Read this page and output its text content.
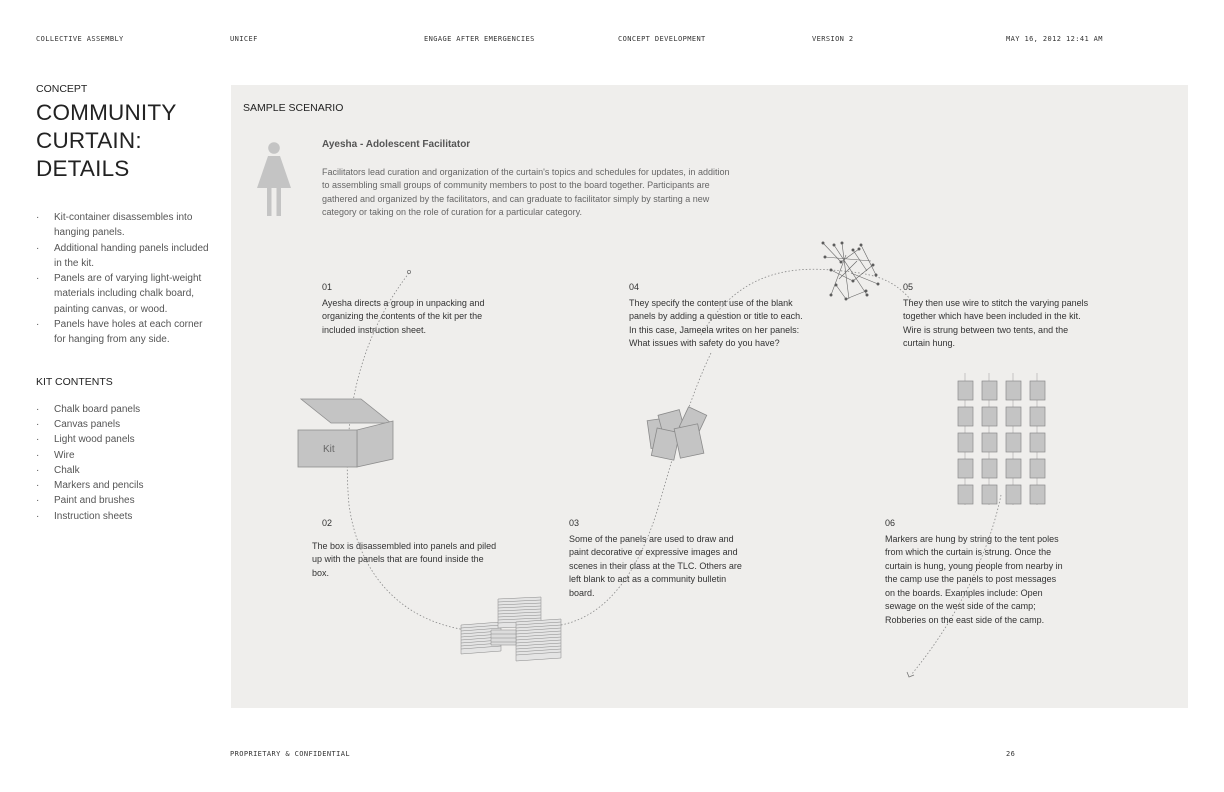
COLLECTIVE ASSEMBLY	UNICEF	ENGAGE AFTER EMERGENCIES	CONCEPT DEVELOPMENT	VERSION 2	MAY 16, 2012 12:41 AM
CONCEPT
COMMUNITY
CURTAIN:
DETAILS
· Kit-container disassembles into hanging panels.
· Additional handing panels included in the kit.
· Panels are of varying light-weight materials including chalk board, painting canvas, or wood.
· Panels have holes at each corner for hanging from any side.
KIT CONTENTS
· Chalk board panels
· Canvas panels
· Light wood panels
· Wire
· Chalk
· Markers and pencils
· Paint and brushes
· Instruction sheets
SAMPLE SCENARIO
Ayesha - Adolescent Facilitator
Facilitators lead curation and organization of the curtain's topics and schedules for updates, in addition to assembling small groups of community members to post to the board together. Participants are gathered and organized by the facilitators, and can graduate to facilitator simply by starting a new category or taking on the role of curation for a particular category.
Kit
01
Ayesha directs a group in unpacking and organizing the contents of the kit per the included instruction sheet.
02
The box is disassembled into panels and piled up with the panels that are found inside the box.
03
Some of the panels are used to draw and paint decorative or expressive images and scenes in their class at the TLC. Others are left blank to act as a community bulletin board.
04
They specify the content use of the blank panels by adding a question or title to each. In this case, Jameela writes on her panels: What issues with safety do you have?
05
They then use wire to stitch the varying panels together which have been included in the kit. Wire is strung between two tents, and the curtain hung.
06
Markers are hung by string to the tent poles from which the curtain is strung. Once the curtain is hung, young people from nearby in the camp use the panels to post messages on the boards. Examples include: Open sewage on the west side of the camp; Robberies on the east side of the camp.
PROPRIETARY & CONFIDENTIAL	26
